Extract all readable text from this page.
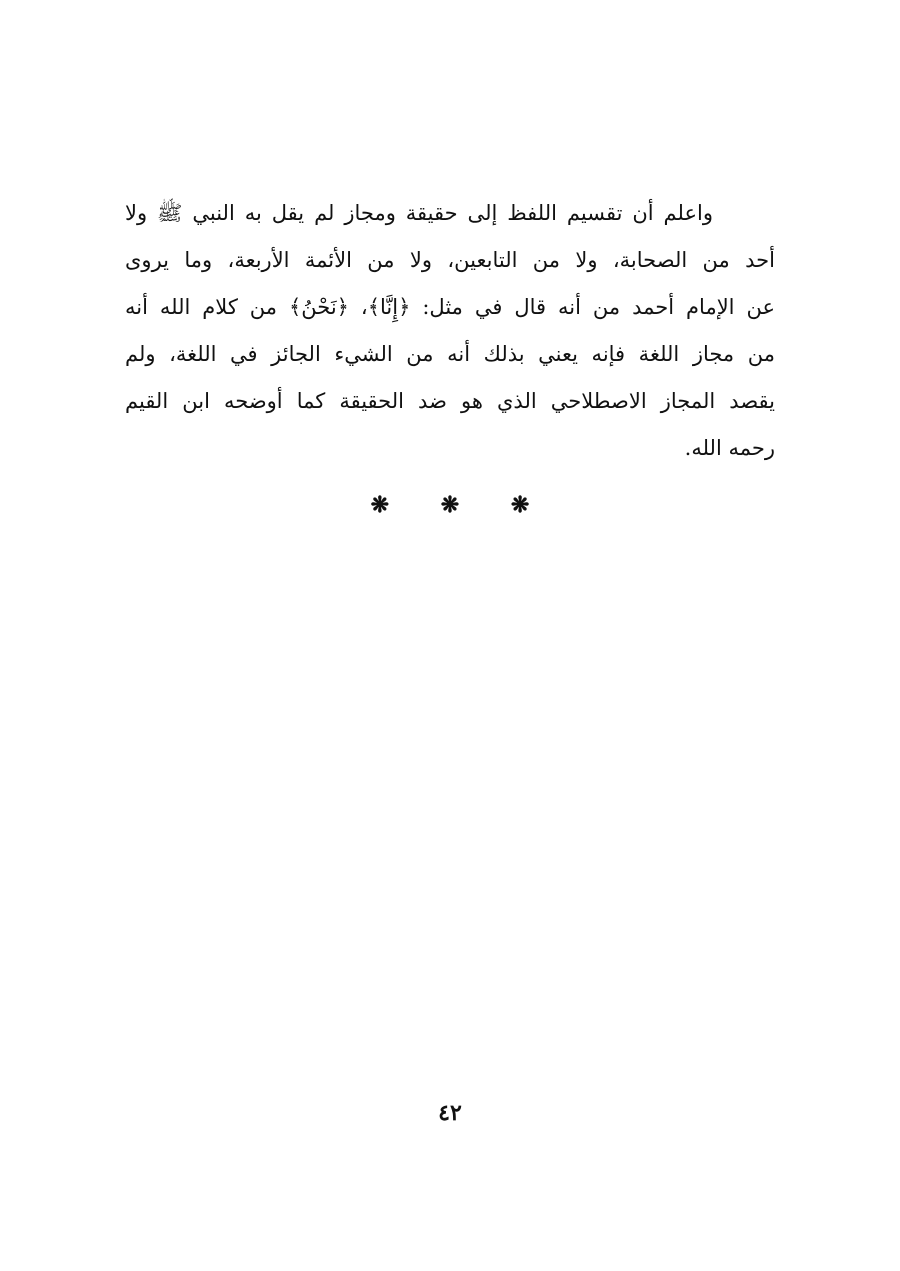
واعلم أن تقسيم اللفظ إلى حقيقة ومجاز لم يقل به النبي ﷺ ولا
أحد من الصحابة، ولا من التابعين، ولا من الأئمة الأربعة، وما يروى
عن الإمام أحمد من أنه قال في مثل: ﴿إِنَّا﴾، ﴿نَحْنُ﴾ من كلام الله أنه
من مجاز اللغة فإنه يعني بذلك أنه من الشيء الجائز في اللغة، ولم
يقصد المجاز الاصطلاحي الذي هو ضد الحقيقة كما أوضحه ابن القيم
رحمه الله.
❋ ❋ ❋
٤٢
